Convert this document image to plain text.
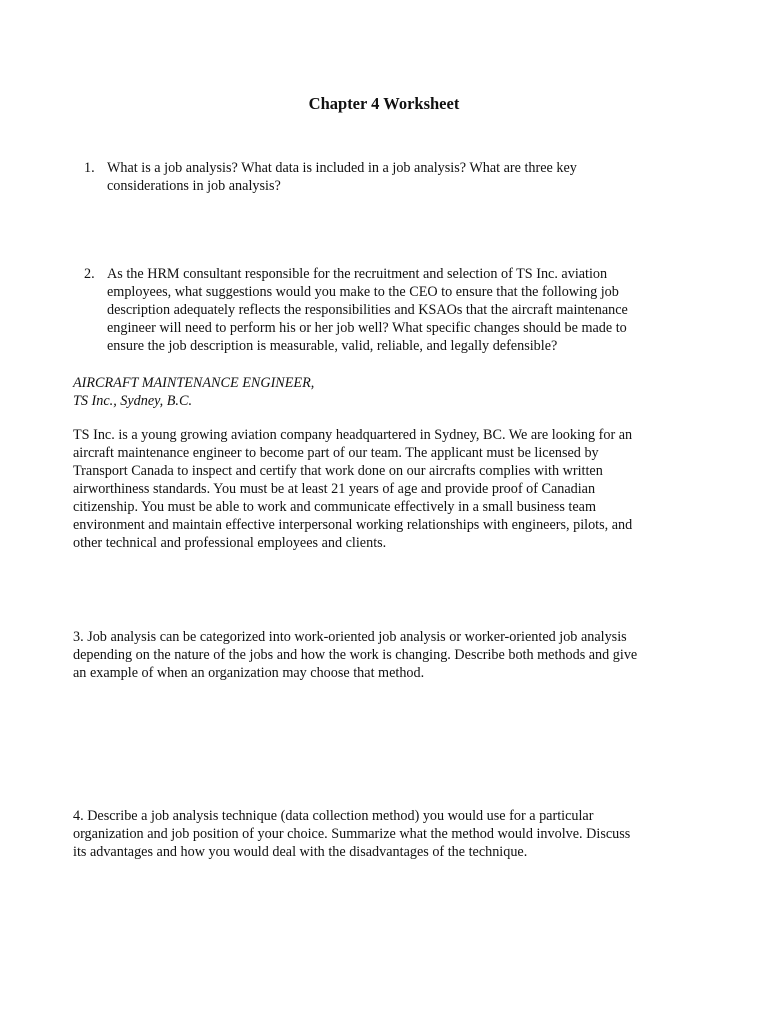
Chapter 4 Worksheet
1. What is a job analysis? What data is included in a job analysis? What are three key
considerations in job analysis?

2. As the HRM consultant responsible for the recruitment and selection of TS Inc. aviation
employees, what suggestions would you make to the CEO to ensure that the following job
description adequately reflects the responsibilities and KSAOs that the aircraft maintenance
engineer will need to perform his or her job well? What specific changes should be made to
ensure the job description is measurable, valid, reliable, and legally defensible?

AIRCRAFT MAINTENANCE ENGINEER,
TS Inc., Sydney, B.C.

TS Inc. is a young growing aviation company headquartered in Sydney, BC. We are looking for an
aircraft maintenance engineer to become part of our team. The applicant must be licensed by
Transport Canada to inspect and certify that work done on our aircrafts complies with written
airworthiness standards. You must be at least 21 years of age and provide proof of Canadian
citizenship. You must be able to work and communicate effectively in a small business team
environment and maintain effective interpersonal working relationships with engineers, pilots, and
other technical and professional employees and clients.

3. Job analysis can be categorized into work-oriented job analysis or worker-oriented job analysis
depending on the nature of the jobs and how the work is changing. Describe both methods and give
an example of when an organization may choose that method.

4. Describe a job analysis technique (data collection method) you would use for a particular
organization and job position of your choice. Summarize what the method would involve. Discuss
its advantages and how you would deal with the disadvantages of the technique.
